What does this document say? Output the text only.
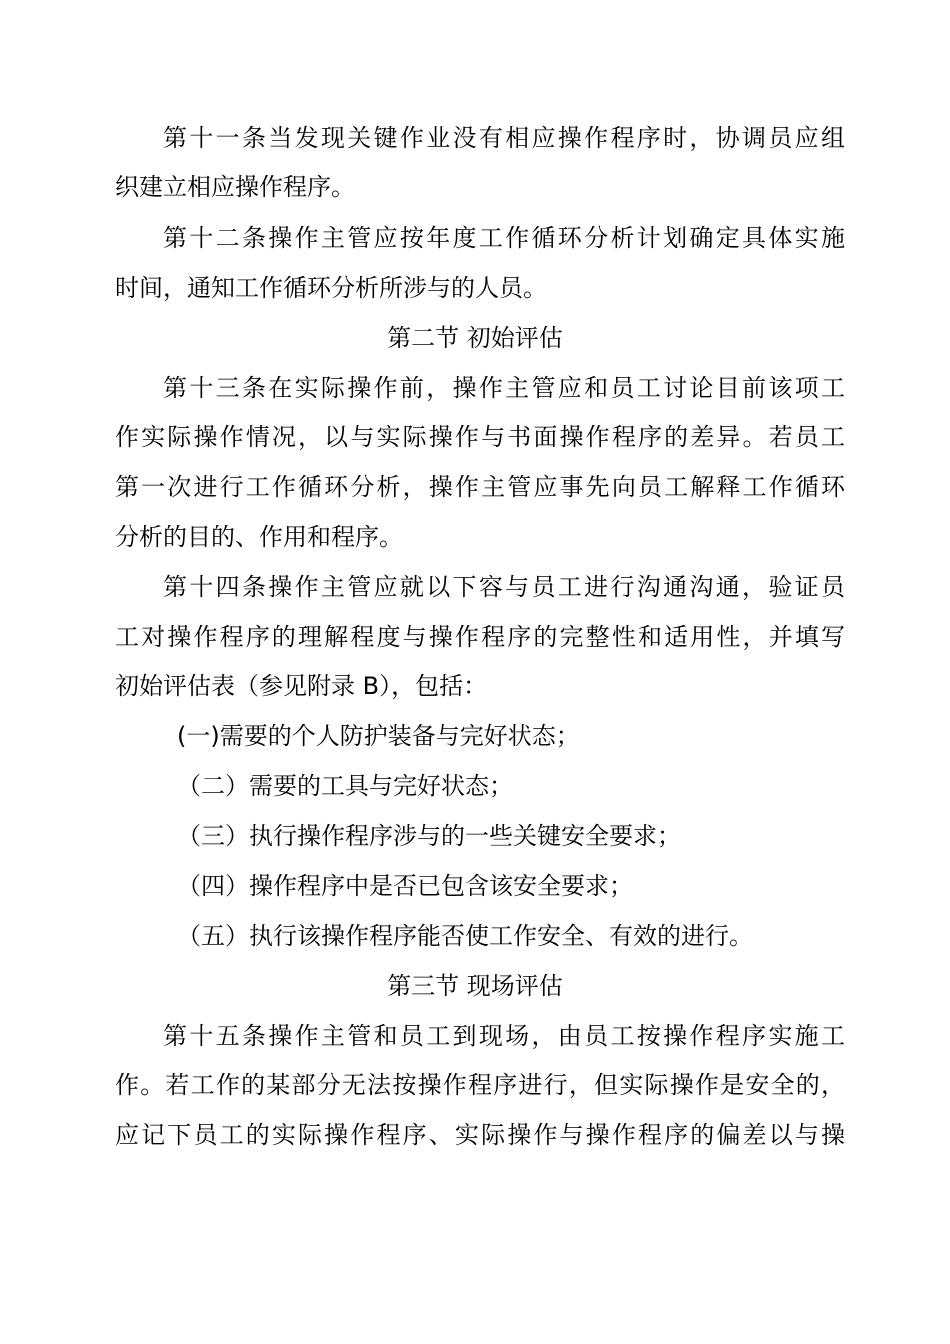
第十一条当发现关键作业没有相应操作程序时，协调员应组
织建立相应操作程序。
第十二条操作主管应按年度工作循环分析计划确定具体实施
时间，通知工作循环分析所涉与的人员。
第二节 初始评估
第十三条在实际操作前，操作主管应和员工讨论目前该项工
作实际操作情况，以与实际操作与书面操作程序的差异。若员工
第一次进行工作循环分析，操作主管应事先向员工解释工作循环
分析的目的、作用和程序。
第十四条操作主管应就以下容与员工进行沟通沟通，验证员
工对操作程序的理解程度与操作程序的完整性和适用性，并填写
初始评估表（参见附录 B），包括：
(一)需要的个人防护装备与完好状态；
（二）需要的工具与完好状态；
（三）执行操作程序涉与的一些关键安全要求；
（四）操作程序中是否已包含该安全要求；
（五）执行该操作程序能否使工作安全、有效的进行。
第三节 现场评估
第十五条操作主管和员工到现场，由员工按操作程序实施工
作。若工作的某部分无法按操作程序进行，但实际操作是安全的，
应记下员工的实际操作程序、实际操作与操作程序的偏差以与操
